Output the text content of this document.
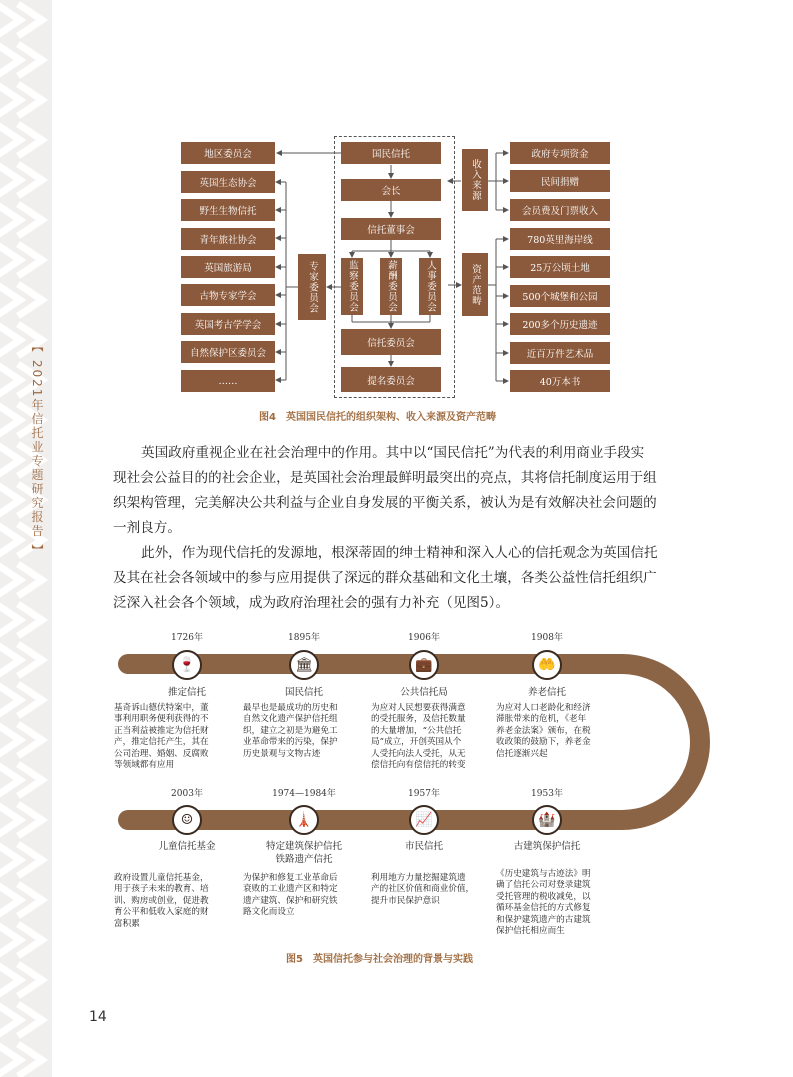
【 2021年信托业专题研究报告 】
地区委员会
英国生态协会
野生生物信托
青年旅社协会
英国旅游局
古物专家学会
英国考古学学会
自然保护区委员会
……
专家委员会
国民信托
会长
信托董事会
监察委员会	薪酬委员会	人事委员会
信托委员会
提名委员会
收入来源
政府专项资金
民间捐赠
会员费及门票收入
资产范畴
780英里海岸线
25万公顷土地
500个城堡和公园
200多个历史遗迹
近百万件艺术品
40万本书
图4　英国国民信托的组织架构、收入来源及资产范畴
英国政府重视企业在社会治理中的作用。其中以“国民信托”为代表的利用商业手段实
现社会公益目的的社会企业，是英国社会治理最鲜明最突出的亮点，其将信托制度运用于组
织架构管理，完美解决公共利益与企业自身发展的平衡关系，被认为是有效解决社会问题的
一剂良方。
此外，作为现代信托的发源地，根深蒂固的绅士精神和深入人心的信托观念为英国信托
及其在社会各领域中的参与应用提供了深远的群众基础和文化土壤，各类公益性信托组织广
泛深入社会各个领域，成为政府治理社会的强有力补充（见图5）。
1726年
🍷
推定信托
基奇诉山德伏特案中，董
事利用职务便利获得的不
正当利益被推定为信托财
产，推定信托产生，其在
公司治理、婚姻、反腐败
等领域都有应用
1895年
🏛
国民信托
最早也是最成功的历史和
自然文化遗产保护信托组
织，建立之初是为避免工
业革命带来的污染，保护
历史景观与文物古迹
1906年
💼
公共信托局
为应对人民想要获得满意
的受托服务，及信托数量
的大量增加，“公共信托
局”成立，开创英国从个
人受托向法人受托，从无
偿信托向有偿信托的转变
1908年
🤲
养老信托
为应对人口老龄化和经济
滞胀带来的危机，《老年
养老金法案》颁布，在税
收政策的鼓励下，养老金
信托逐渐兴起
2003年
☺
儿童信托基金
政府设置儿童信托基金，
用于孩子未来的教育、培
训、购房或创业，促进教
育公平和低收入家庭的财
富积累
1974—1984年
🗼
特定建筑保护信托
铁路遗产信托
为保护和修复工业革命后
衰败的工业遗产区和特定
遗产建筑、保护和研究铁
路文化而设立
1957年
📈
市民信托
利用地方力量挖掘建筑遗
产的社区价值和商业价值，
提升市民保护意识
1953年
🏰
古建筑保护信托
《历史建筑与古迹法》明
确了信托公司对登录建筑
受托管理的税收减免，以
循环基金信托的方式修复
和保护建筑遗产的古建筑
保护信托相应而生
图5　英国信托参与社会治理的背景与实践
14
